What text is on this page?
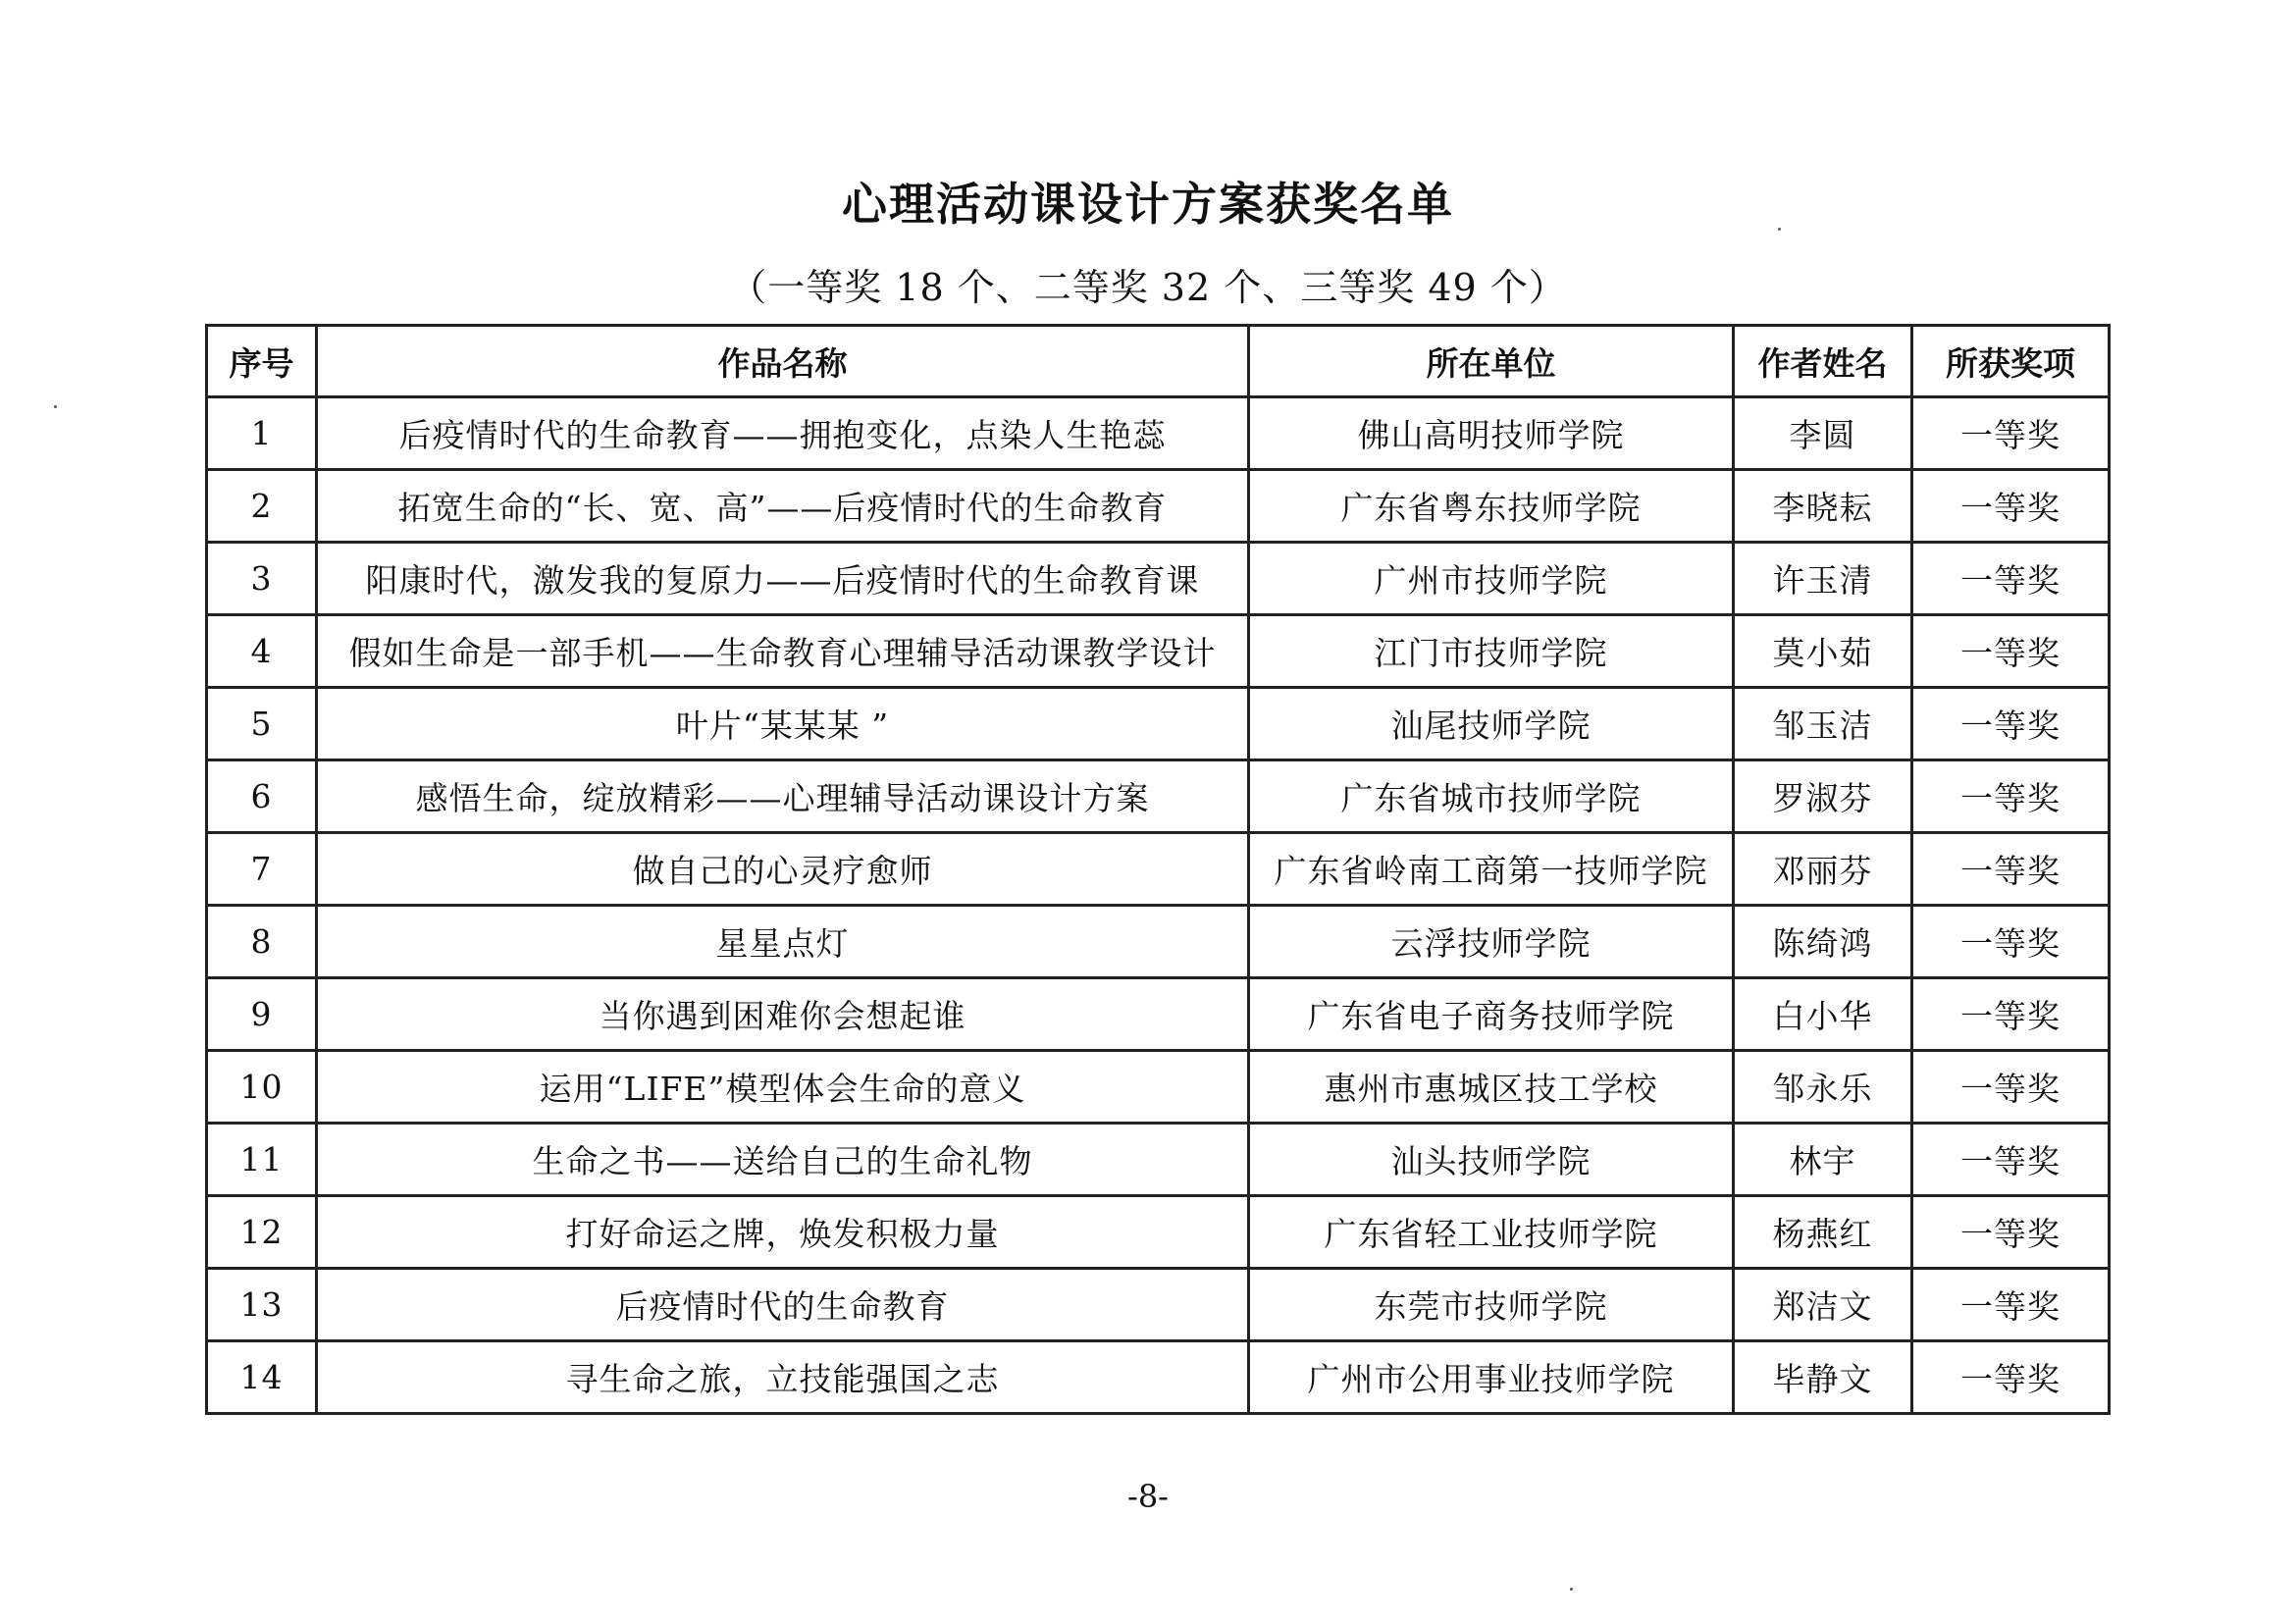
心理活动课设计方案获奖名单
（一等奖 18 个、二等奖 32 个、三等奖 49 个）
序号	作品名称	所在单位	作者姓名	所获奖项
1	后疫情时代的生命教育——拥抱变化，点染人生艳蕊	佛山高明技师学院	李圆	一等奖
2	拓宽生命的“长、宽、高”——后疫情时代的生命教育	广东省粤东技师学院	李晓耘	一等奖
3	阳康时代，激发我的复原力——后疫情时代的生命教育课	广州市技师学院	许玉清	一等奖
4	假如生命是一部手机——生命教育心理辅导活动课教学设计	江门市技师学院	莫小茹	一等奖
5	叶片“某某某 ”	汕尾技师学院	邹玉洁	一等奖
6	感悟生命，绽放精彩——心理辅导活动课设计方案	广东省城市技师学院	罗淑芬	一等奖
7	做自己的心灵疗愈师	广东省岭南工商第一技师学院	邓丽芬	一等奖
8	星星点灯	云浮技师学院	陈绮鸿	一等奖
9	当你遇到困难你会想起谁	广东省电子商务技师学院	白小华	一等奖
10	运用“LIFE”模型体会生命的意义	惠州市惠城区技工学校	邹永乐	一等奖
11	生命之书——送给自己的生命礼物	汕头技师学院	林宇	一等奖
12	打好命运之牌，焕发积极力量	广东省轻工业技师学院	杨燕红	一等奖
13	后疫情时代的生命教育	东莞市技师学院	郑洁文	一等奖
14	寻生命之旅，立技能强国之志	广州市公用事业技师学院	毕静文	一等奖
-8-
